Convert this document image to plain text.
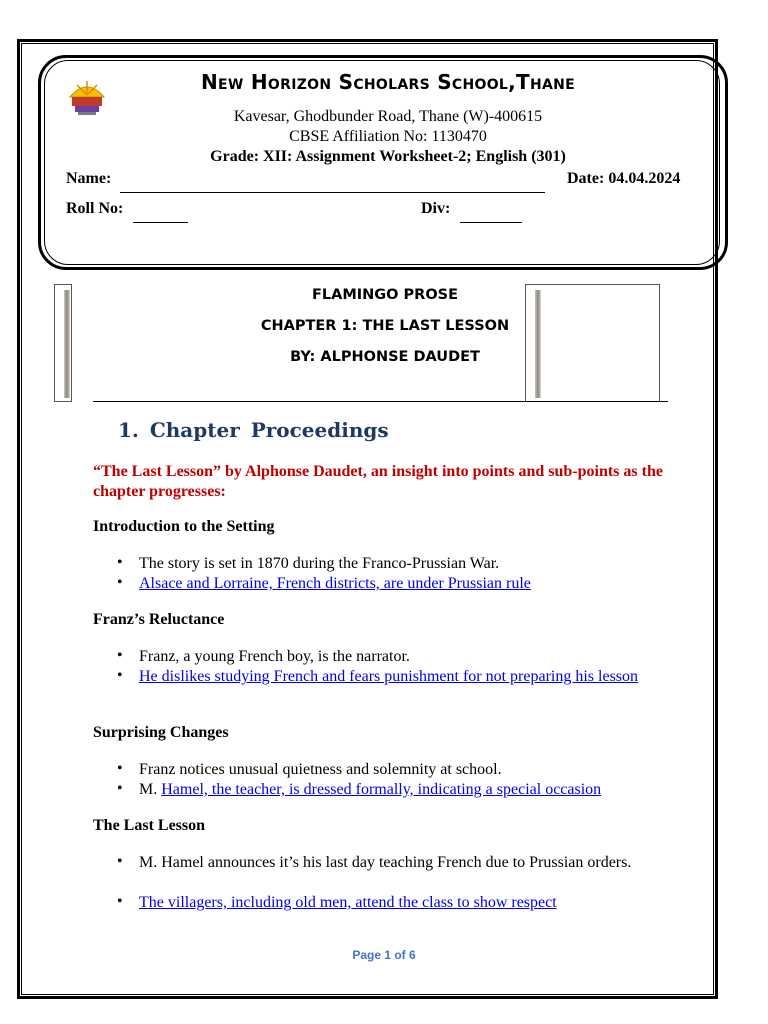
New Horizon Scholars School,Thane
Kavesar, Ghodbunder Road, Thane (W)-400615
CBSE Affiliation No: 1130470
Grade: XII: Assignment Worksheet-2; English (301)
Name:	Date: 04.04.2024
Roll No:	Div:
FLAMINGO PROSE
CHAPTER 1: THE LAST LESSON
BY: ALPHONSE DAUDET
1. Chapter Proceedings
“The Last Lesson” by Alphonse Daudet, an insight into points and sub-points as the chapter progresses:
Introduction to the Setting
• The story is set in 1870 during the Franco-Prussian War.
• Alsace and Lorraine, French districts, are under Prussian rule
Franz’s Reluctance
• Franz, a young French boy, is the narrator.
• He dislikes studying French and fears punishment for not preparing his lesson
Surprising Changes
• Franz notices unusual quietness and solemnity at school.
• M. Hamel, the teacher, is dressed formally, indicating a special occasion
The Last Lesson
• M. Hamel announces it’s his last day teaching French due to Prussian orders.
• The villagers, including old men, attend the class to show respect
Page 1 of 6
